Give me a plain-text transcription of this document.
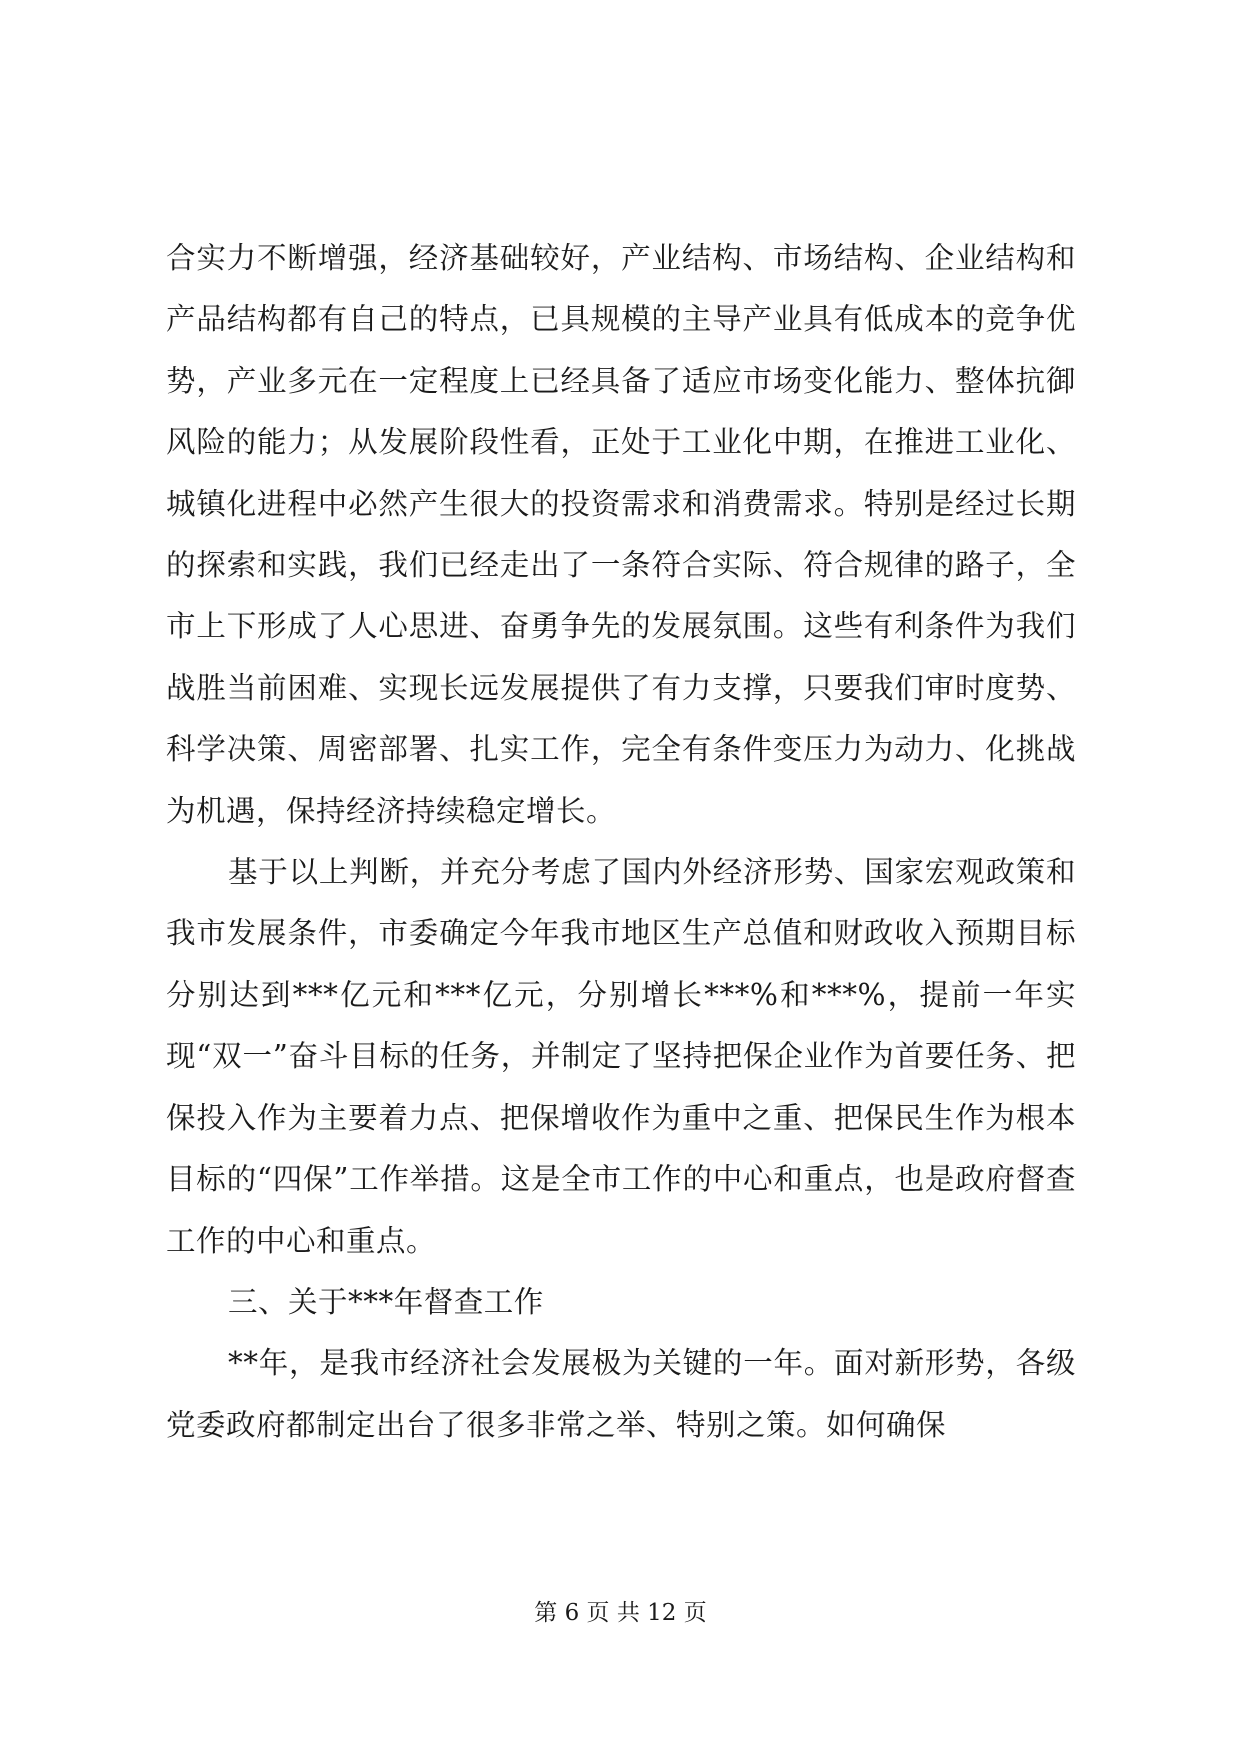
合实力不断增强，经济基础较好，产业结构、市场结构、企业结构和产品结构都有自己的特点，已具规模的主导产业具有低成本的竞争优势，产业多元在一定程度上已经具备了适应市场变化能力、整体抗御风险的能力；从发展阶段性看，正处于工业化中期，在推进工业化、城镇化进程中必然产生很大的投资需求和消费需求。特别是经过长期的探索和实践，我们已经走出了一条符合实际、符合规律的路子，全市上下形成了人心思进、奋勇争先的发展氛围。这些有利条件为我们战胜当前困难、实现长远发展提供了有力支撑，只要我们审时度势、科学决策、周密部署、扎实工作，完全有条件变压力为动力、化挑战为机遇，保持经济持续稳定增长。

基于以上判断，并充分考虑了国内外经济形势、国家宏观政策和我市发展条件，市委确定今年我市地区生产总值和财政收入预期目标分别达到***亿元和***亿元，分别增长***%和***%，提前一年实现“双一”奋斗目标的任务，并制定了坚持把保企业作为首要任务、把保投入作为主要着力点、把保增收作为重中之重、把保民生作为根本目标的“四保”工作举措。这是全市工作的中心和重点，也是政府督查工作的中心和重点。

三、关于***年督查工作

**年，是我市经济社会发展极为关键的一年。面对新形势，各级党委政府都制定出台了很多非常之举、特别之策。如何确保

第 6 页 共 12 页
